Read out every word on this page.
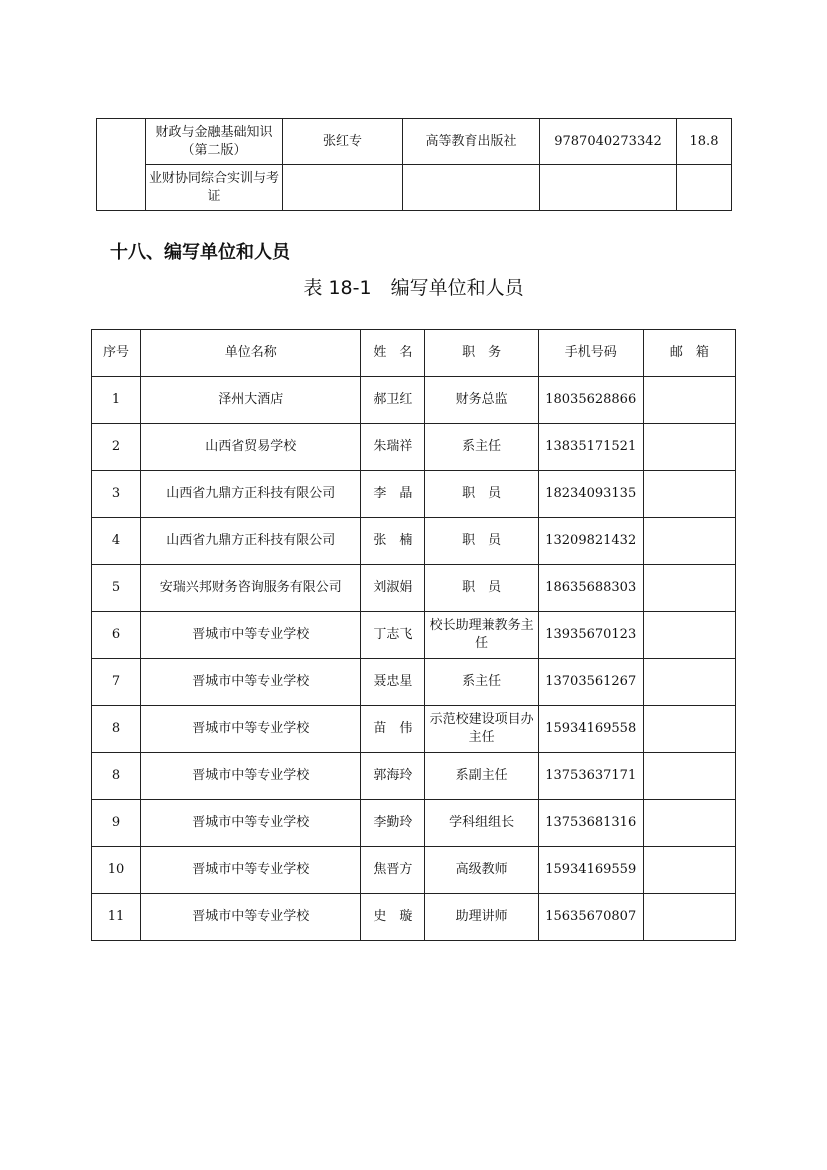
	财政与金融基础知识（第二版）	张红专	高等教育出版社	9787040273342	18.8
	业财协同综合实训与考证				
十八、编写单位和人员
表 18-1　编写单位和人员
序号	单位名称	姓　名	职　务	手机号码	邮　箱
1	泽州大酒店	郝卫红	财务总监	18035628866	
2	山西省贸易学校	朱瑞祥	系主任	13835171521	
3	山西省九鼎方正科技有限公司	李　晶	职　员	18234093135	
4	山西省九鼎方正科技有限公司	张　楠	职　员	13209821432	
5	安瑞兴邦财务咨询服务有限公司	刘淑娟	职　员	18635688303	
6	晋城市中等专业学校	丁志飞	校长助理兼教务主任	13935670123	
7	晋城市中等专业学校	聂忠星	系主任	13703561267	
8	晋城市中等专业学校	苗　伟	示范校建设项目办主任	15934169558	
8	晋城市中等专业学校	郭海玲	系副主任	13753637171	
9	晋城市中等专业学校	李勤玲	学科组组长	13753681316	
10	晋城市中等专业学校	焦晋方	高级教师	15934169559	
11	晋城市中等专业学校	史　璇	助理讲师	15635670807	
